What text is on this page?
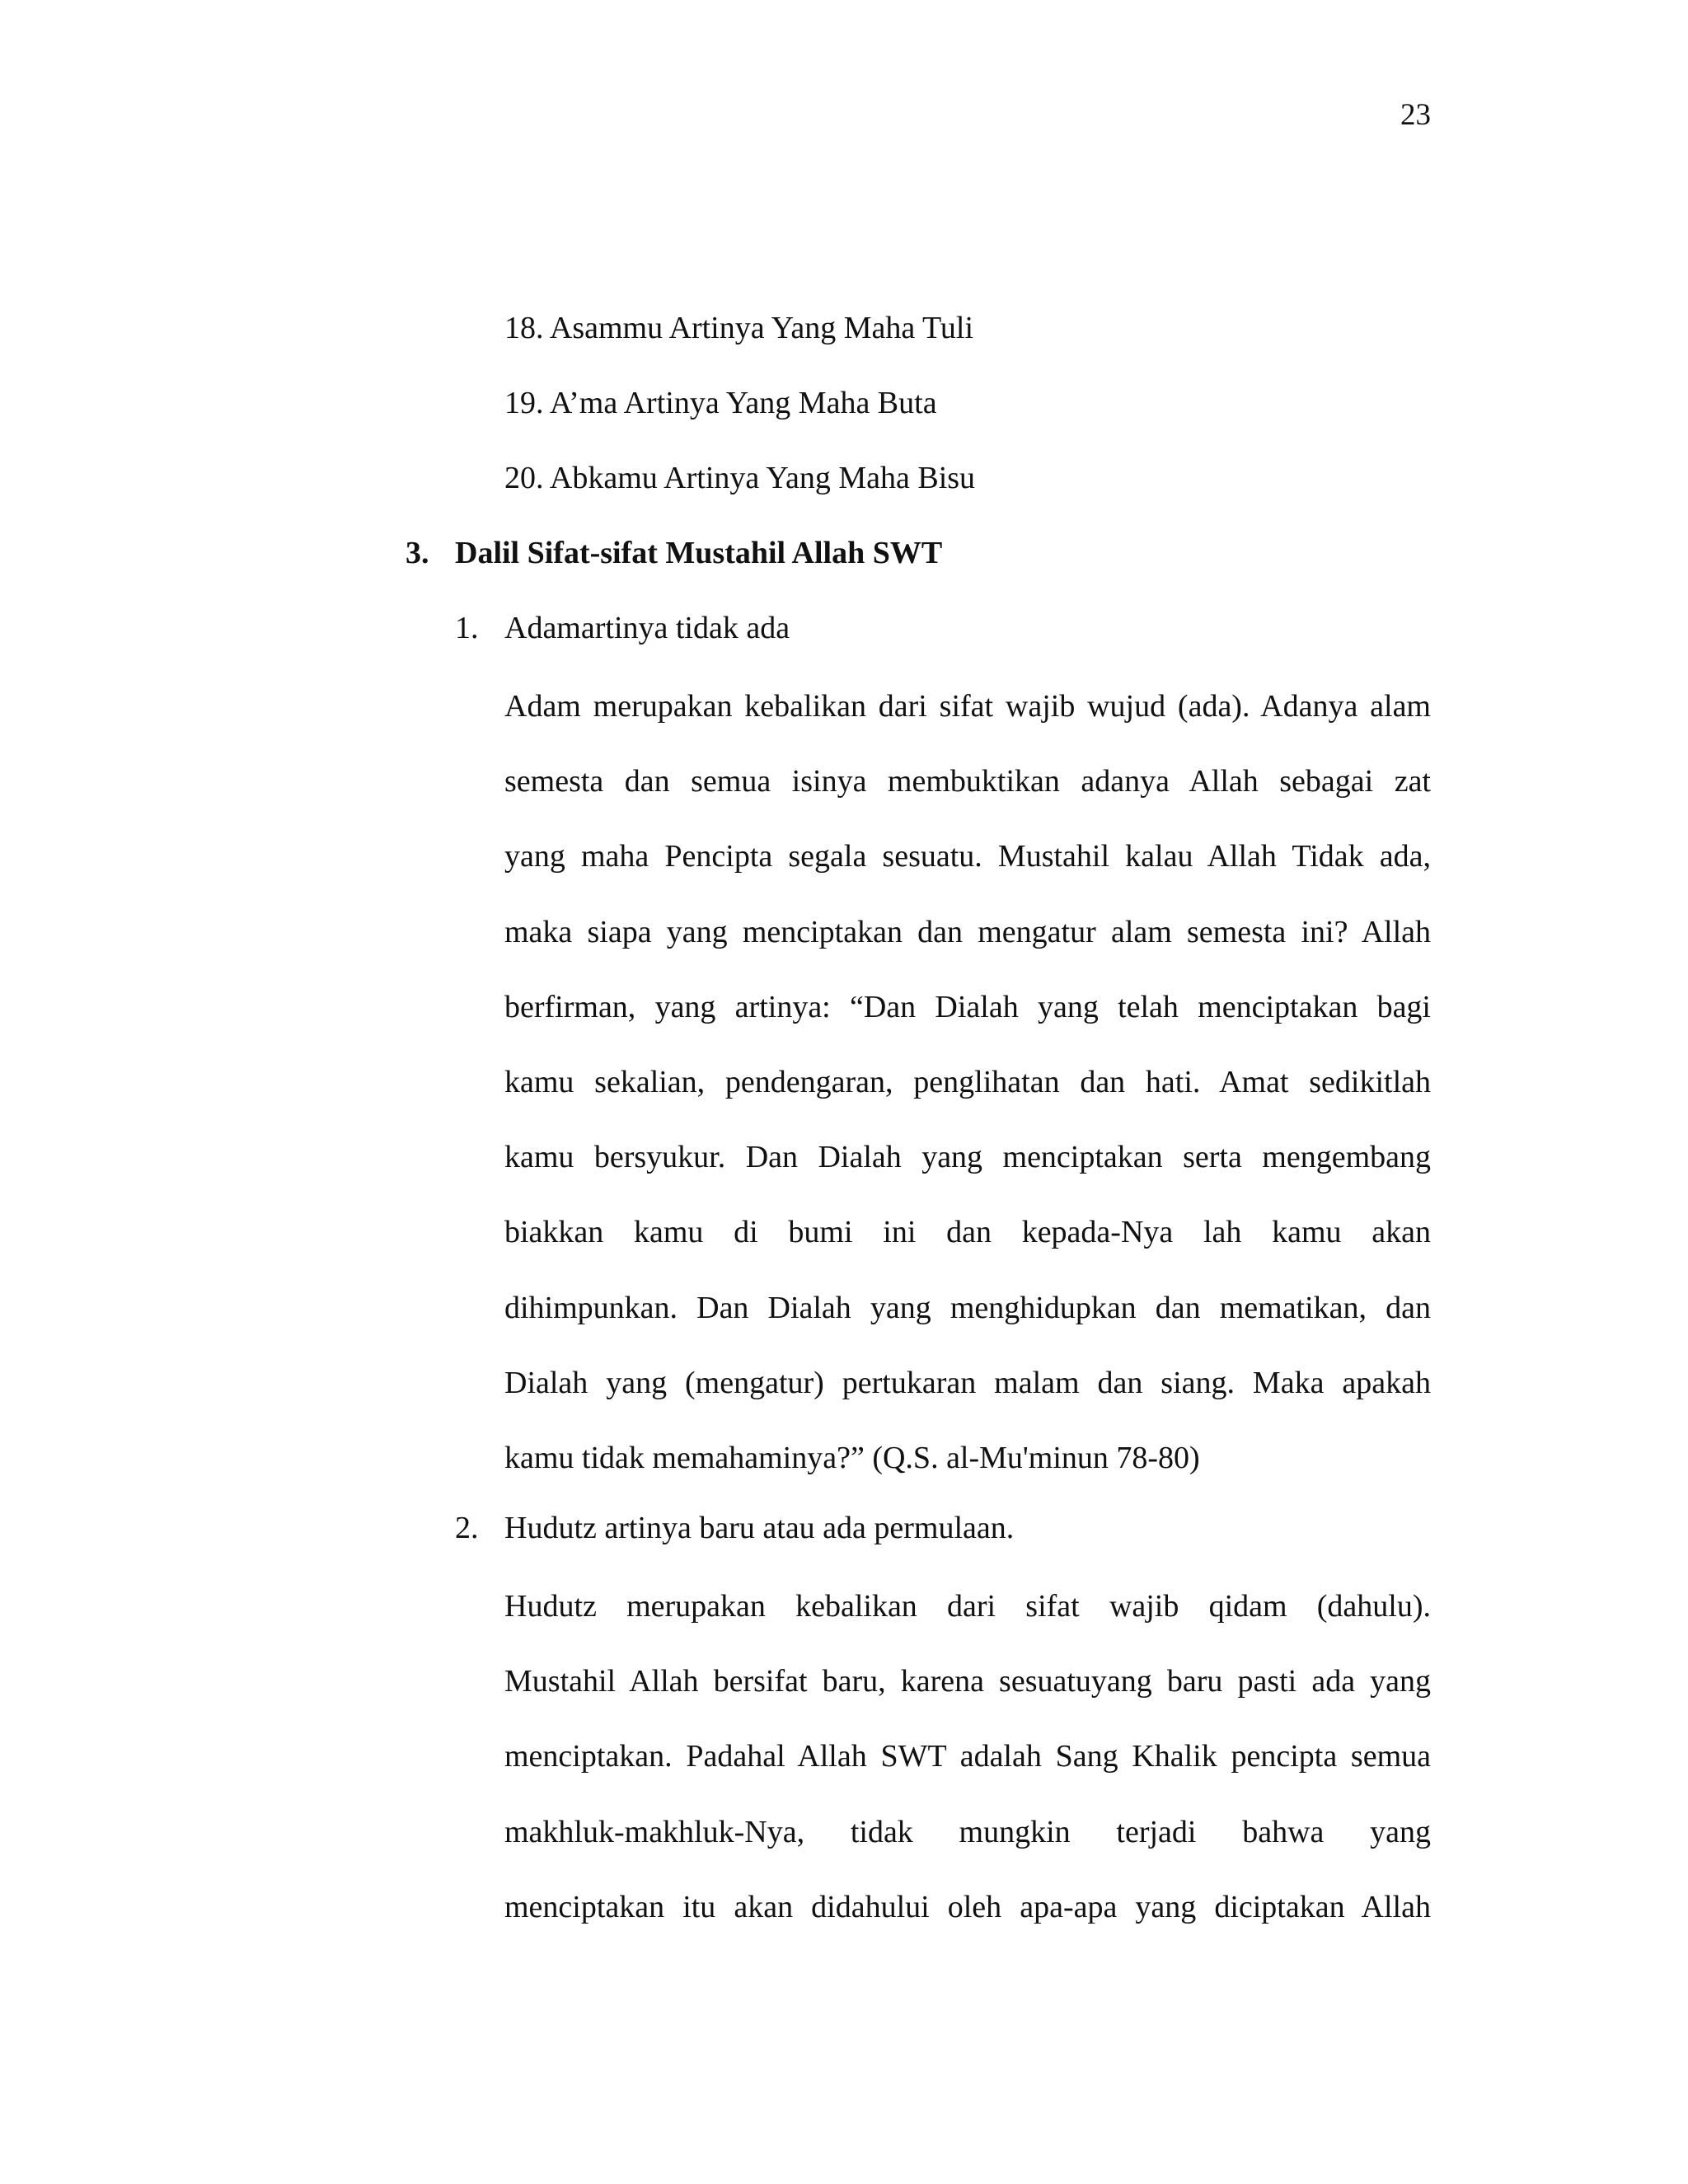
23
18. Asammu Artinya Yang Maha Tuli
19. A’ma Artinya Yang Maha Buta
20. Abkamu Artinya Yang Maha Bisu
3. Dalil Sifat-sifat Mustahil Allah SWT
1. Adamartinya tidak ada
Adam merupakan kebalikan dari sifat wajib wujud (ada). Adanya alam
semesta dan semua isinya membuktikan adanya Allah sebagai zat
yang maha Pencipta segala sesuatu. Mustahil kalau Allah Tidak ada,
maka siapa yang menciptakan dan mengatur alam semesta ini? Allah
berfirman, yang artinya: “Dan Dialah yang telah menciptakan bagi
kamu sekalian, pendengaran, penglihatan dan hati. Amat sedikitlah
kamu bersyukur. Dan Dialah yang menciptakan serta mengembang
biakkan kamu di bumi ini dan kepada-Nya lah kamu akan
dihimpunkan. Dan Dialah yang menghidupkan dan mematikan, dan
Dialah yang (mengatur) pertukaran malam dan siang. Maka apakah
kamu tidak memahaminya?” (Q.S. al-Mu'minun 78-80)
2. Hudutz artinya baru atau ada permulaan.
Hudutz merupakan kebalikan dari sifat wajib qidam (dahulu).
Mustahil Allah bersifat baru, karena sesuatuyang baru pasti ada yang
menciptakan. Padahal Allah SWT adalah Sang Khalik pencipta semua
makhluk-makhluk-Nya, tidak mungkin terjadi bahwa yang
menciptakan itu akan didahului oleh apa-apa yang diciptakan Allah
